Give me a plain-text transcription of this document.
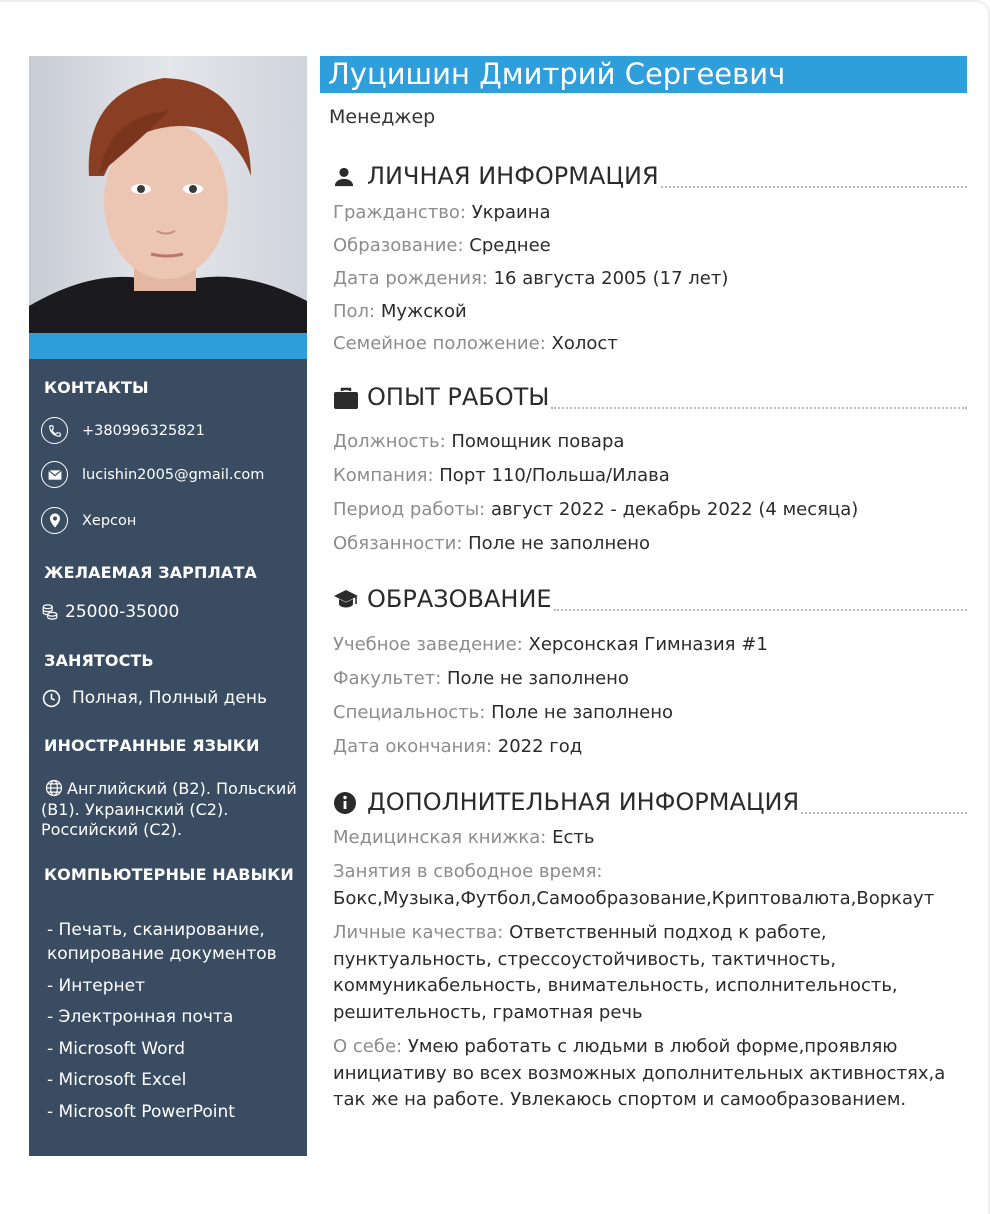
КОНТАКТЫ
+380996325821
lucishin2005@gmail.com
Херсон
ЖЕЛАЕМАЯ ЗАРПЛАТА
25000-35000
ЗАНЯТОСТЬ
Полная, Полный день
ИНОСТРАННЫЕ ЯЗЫКИ
Английский (B2). Польский (B1). Украинский (C2). Российский (C2).
КОМПЬЮТЕРНЫЕ НАВЫКИ
- Печать, сканирование, копирование документов
- Интернет
- Электронная почта
- Microsoft Word
- Microsoft Excel
- Microsoft PowerPoint
Луцишин Дмитрий Сергеевич
Менеджер
ЛИЧНАЯ ИНФОРМАЦИЯ
Гражданство: Украина
Образование: Среднее
Дата рождения: 16 августа 2005 (17 лет)
Пол: Мужской
Семейное положение: Холост
ОПЫТ РАБОТЫ
Должность: Помощник повара
Компания: Порт 110/Польша/Илава
Период работы: август 2022 - декабрь 2022 (4 месяца)
Обязанности: Поле не заполнено
ОБРАЗОВАНИЕ
Учебное заведение: Херсонская Гимназия #1
Факультет: Поле не заполнено
Специальность: Поле не заполнено
Дата окончания: 2022 год
ДОПОЛНИТЕЛЬНАЯ ИНФОРМАЦИЯ
Медицинская книжка: Есть
Занятия в свободное время:
Бокс,Музыка,Футбол,Самообразование,Криптовалюта,Воркаут
Личные качества: Ответственный подход к работе, пунктуальность, стрессоустойчивость, тактичность, коммуникабельность, внимательность, исполнительность, решительность, грамотная речь
О себе: Умею работать с людьми в любой форме,проявляю инициативу во всех возможных дополнительных активностях,а так же на работе. Увлекаюсь спортом и самообразованием.
